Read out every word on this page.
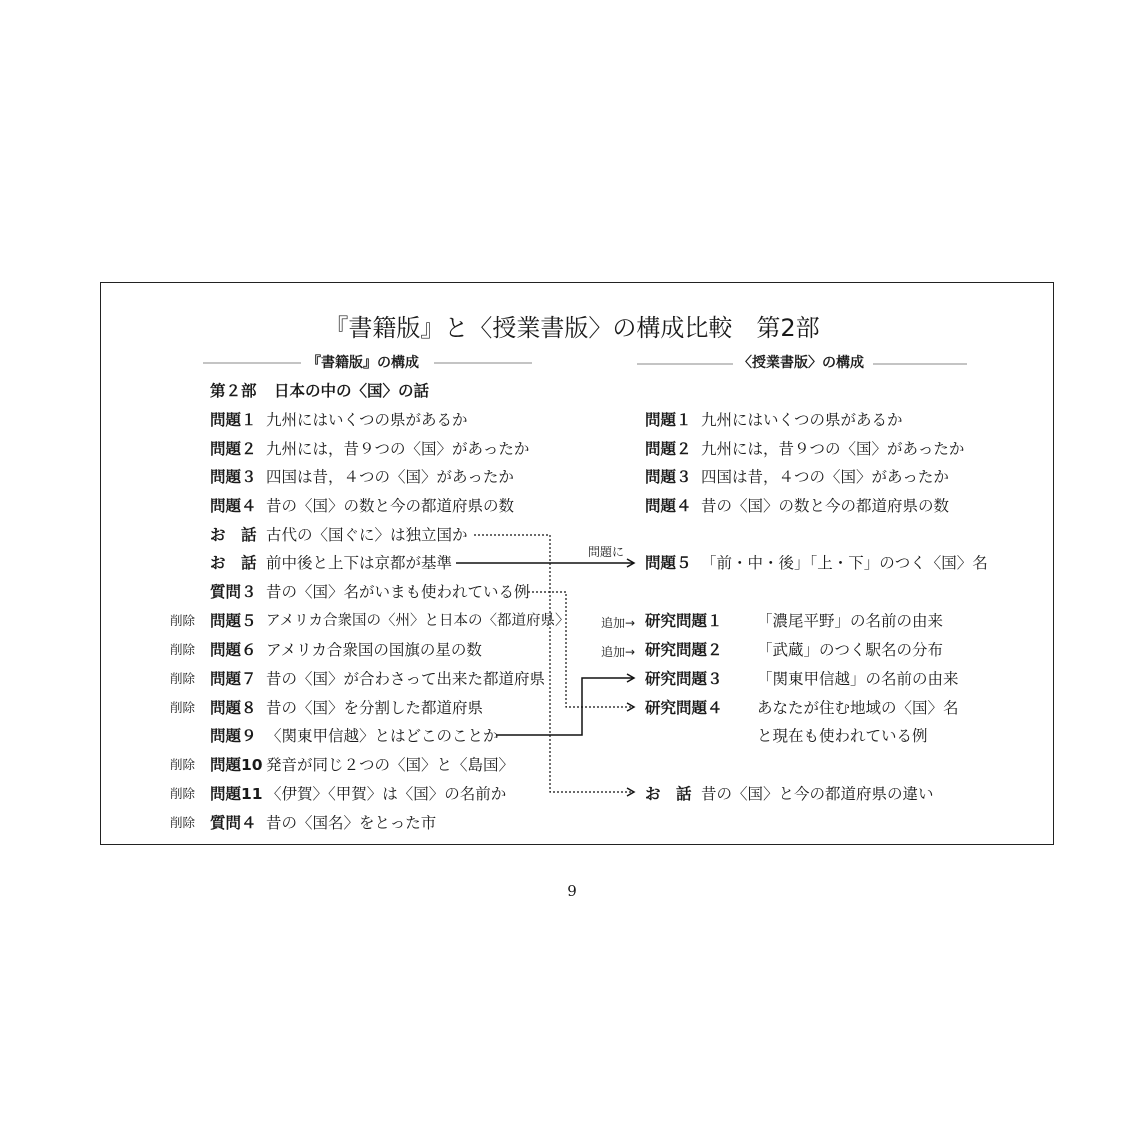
『書籍版』と〈授業書版〉の構成比較　第2部
『書籍版』の構成
第２部 日本の中の〈国〉の話
削除
削除
削除
削除
削除
削除
削除
問題１ 九州にはいくつの県があるか
問題２ 九州には，昔９つの〈国〉があったか
問題３ 四国は昔，４つの〈国〉があったか
問題４ 昔の〈国〉の数と今の都道府県の数
お　話 古代の〈国ぐに〉は独立国か
お　話 前中後と上下は京都が基準
質問３ 昔の〈国〉名がいまも使われている例
問題５ アメリカ合衆国の〈州〉と日本の〈都道府県〉
問題６ アメリカ合衆国の国旗の星の数
問題７ 昔の〈国〉が合わさって出来た都道府県
問題８ 昔の〈国〉を分割した都道府県
問題９ 〈関東甲信越〉とはどこのことか
問題10 発音が同じ２つの〈国〉と〈島国〉
問題11 〈伊賀〉〈甲賀〉は〈国〉の名前か
質問４ 昔の〈国名〉をとった市
〈授業書版〉の構成
問題に
問題１ 九州にはいくつの県があるか
問題２ 九州には，昔９つの〈国〉があったか
問題３ 四国は昔，４つの〈国〉があったか
問題４ 昔の〈国〉の数と今の都道府県の数
問題５ 「前・中・後」「上・下」のつく〈国〉名
追加→ 研究問題１ 「濃尾平野」の名前の由来
追加→ 研究問題２ 「武蔵」のつく駅名の分布
研究問題３ 「関東甲信越」の名前の由来
研究問題４ あなたが住む地域の〈国〉名
と現在も使われている例
お　話 昔の〈国〉と今の都道府県の違い
9
